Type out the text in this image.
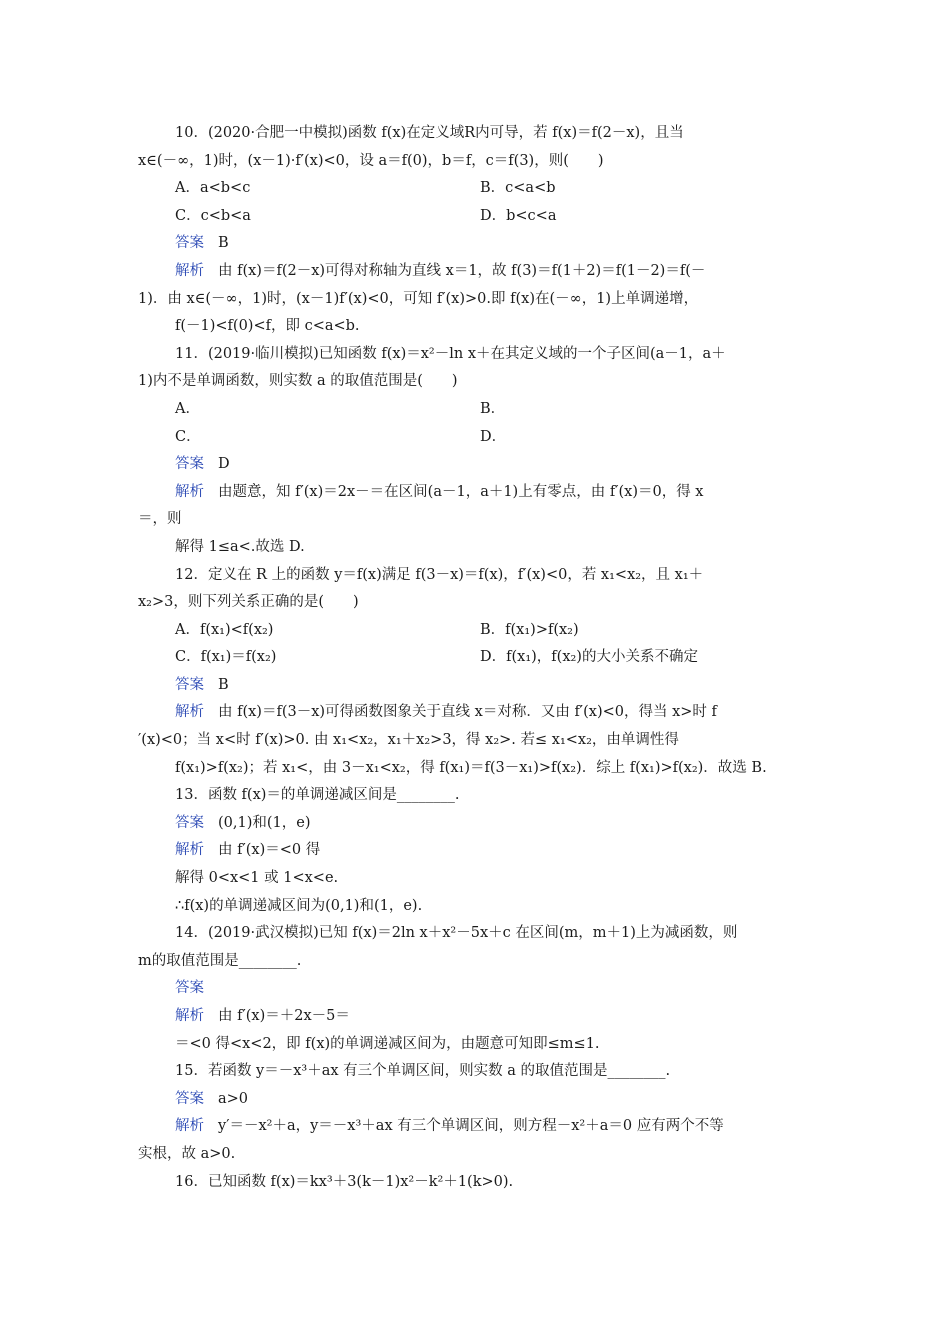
10．(2020·合肥一中模拟)函数 f(x)在定义域R内可导，若 f(x)＝f(2－x)，且当
x∈(－∞，1)时，(x－1)·f′(x)<0，设 a＝f(0)，b＝f，c＝f(3)，则(　　)
A．a<b<c	B．c<a<b
C．c<b<a	D．b<c<a
答案 B
解析 由 f(x)＝f(2－x)可得对称轴为直线 x＝1，故 f(3)＝f(1＋2)＝f(1－2)＝f(－
1)．由 x∈(－∞，1)时，(x－1)f′(x)<0，可知 f′(x)>0.即 f(x)在(－∞，1)上单调递增，
f(－1)<f(0)<f，即 c<a<b.
11．(2019·临川模拟)已知函数 f(x)＝x²－ln x＋在其定义域的一个子区间(a－1，a＋
1)内不是单调函数，则实数 a 的取值范围是(　　)
A．	B．
C．	D．
答案 D
解析 由题意，知 f′(x)＝2x－＝在区间(a－1，a＋1)上有零点，由 f′(x)＝0，得 x
＝，则
解得 1≤a<.故选 D.
12．定义在 R 上的函数 y＝f(x)满足 f(3－x)＝f(x)，f′(x)<0，若 x₁<x₂，且 x₁＋
x₂>3，则下列关系正确的是(　　)
A．f(x₁)<f(x₂)	B．f(x₁)>f(x₂)
C．f(x₁)＝f(x₂)	D．f(x₁)，f(x₂)的大小关系不确定
答案 B
解析 由 f(x)＝f(3－x)可得函数图象关于直线 x＝对称．又由 f′(x)<0，得当 x>时 f
′(x)<0；当 x<时 f′(x)>0. 由 x₁<x₂，x₁＋x₂>3，得 x₂>. 若≤ x₁<x₂，由单调性得
f(x₁)>f(x₂)；若 x₁<，由 3－x₁<x₂，得 f(x₁)＝f(3－x₁)>f(x₂)．综上 f(x₁)>f(x₂)．故选 B.
13．函数 f(x)＝的单调递减区间是________.
答案 (0,1)和(1，e)
解析 由 f′(x)＝<0 得
解得 0<x<1 或 1<x<e.
∴f(x)的单调递减区间为(0,1)和(1，e).
14．(2019·武汉模拟)已知 f(x)＝2ln x＋x²－5x＋c 在区间(m，m＋1)上为减函数，则
m的取值范围是________.
答案
解析 由 f′(x)＝＋2x－5＝
＝<0 得<x<2，即 f(x)的单调递减区间为，由题意可知即≤m≤1.
15．若函数 y＝－x³＋ax 有三个单调区间，则实数 a 的取值范围是________.
答案 a>0
解析 y′＝－x²＋a，y＝－x³＋ax 有三个单调区间，则方程－x²＋a＝0 应有两个不等
实根，故 a>0.
16．已知函数 f(x)＝kx³＋3(k－1)x²－k²＋1(k>0).
